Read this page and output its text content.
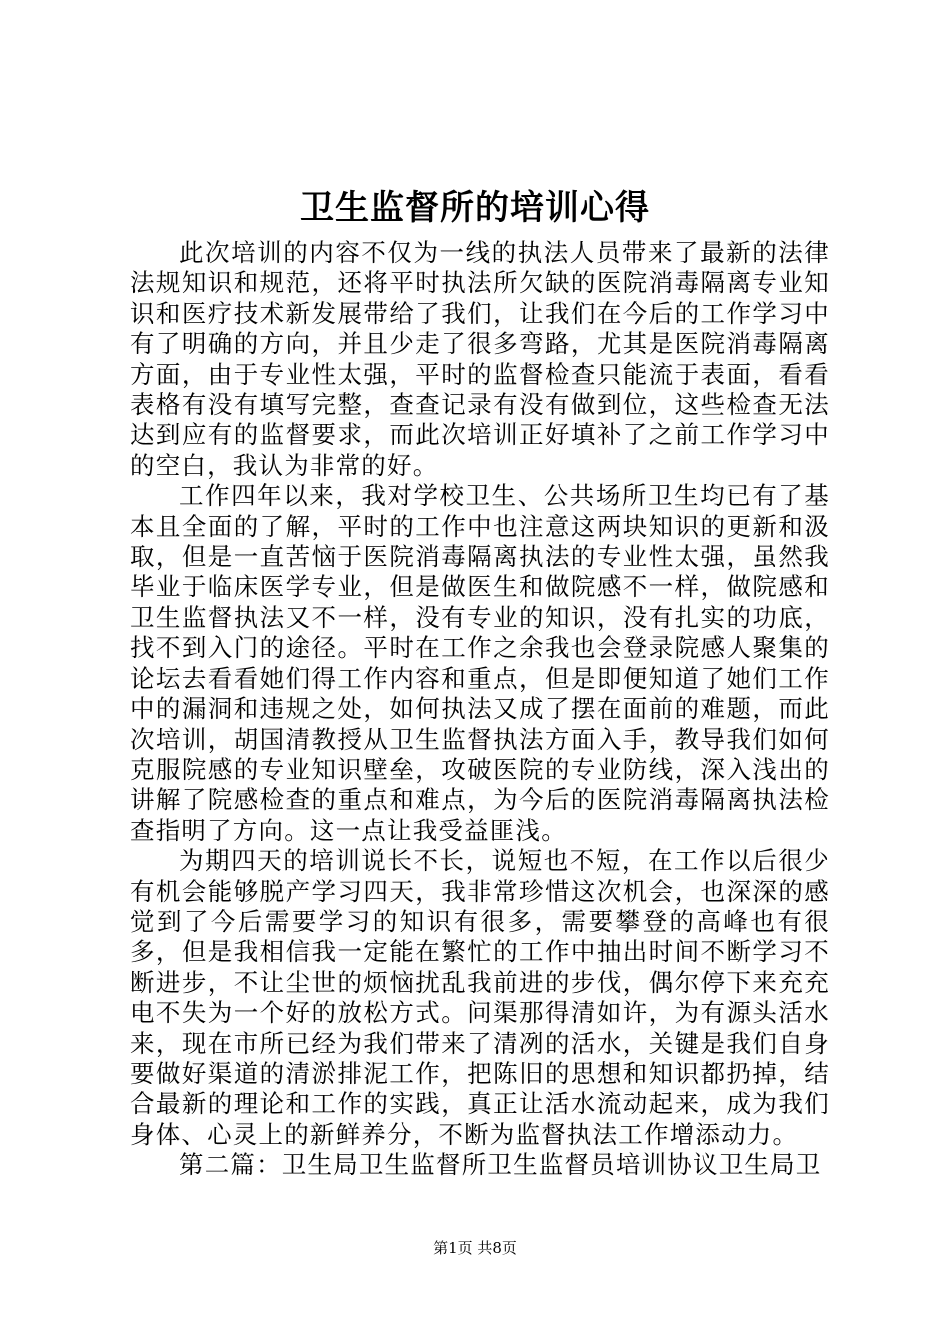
卫生监督所的培训心得

此次培训的内容不仅为一线的执法人员带来了最新的法律法规知识和规范，还将平时执法所欠缺的医院消毒隔离专业知识和医疗技术新发展带给了我们，让我们在今后的工作学习中有了明确的方向，并且少走了很多弯路，尤其是医院消毒隔离方面，由于专业性太强，平时的监督检查只能流于表面，看看表格有没有填写完整，查查记录有没有做到位，这些检查无法达到应有的监督要求，而此次培训正好填补了之前工作学习中的空白，我认为非常的好。

工作四年以来，我对学校卫生、公共场所卫生均已有了基本且全面的了解，平时的工作中也注意这两块知识的更新和汲取，但是一直苦恼于医院消毒隔离执法的专业性太强，虽然我毕业于临床医学专业，但是做医生和做院感不一样，做院感和卫生监督执法又不一样，没有专业的知识，没有扎实的功底，找不到入门的途径。平时在工作之余我也会登录院感人聚集的论坛去看看她们得工作内容和重点，但是即便知道了她们工作中的漏洞和违规之处，如何执法又成了摆在面前的难题，而此次培训，胡国清教授从卫生监督执法方面入手，教导我们如何克服院感的专业知识壁垒，攻破医院的专业防线，深入浅出的讲解了院感检查的重点和难点，为今后的医院消毒隔离执法检查指明了方向。这一点让我受益匪浅。

为期四天的培训说长不长，说短也不短，在工作以后很少有机会能够脱产学习四天，我非常珍惜这次机会，也深深的感觉到了今后需要学习的知识有很多，需要攀登的高峰也有很多，但是我相信我一定能在繁忙的工作中抽出时间不断学习不断进步，不让尘世的烦恼扰乱我前进的步伐，偶尔停下来充充电不失为一个好的放松方式。问渠那得清如许，为有源头活水来，现在市所已经为我们带来了清冽的活水，关键是我们自身要做好渠道的清淤排泥工作，把陈旧的思想和知识都扔掉，结合最新的理论和工作的实践，真正让活水流动起来，成为我们身体、心灵上的新鲜养分，不断为监督执法工作增添动力。

第二篇：卫生局卫生监督所卫生监督员培训协议卫生局卫

第1页 共8页
